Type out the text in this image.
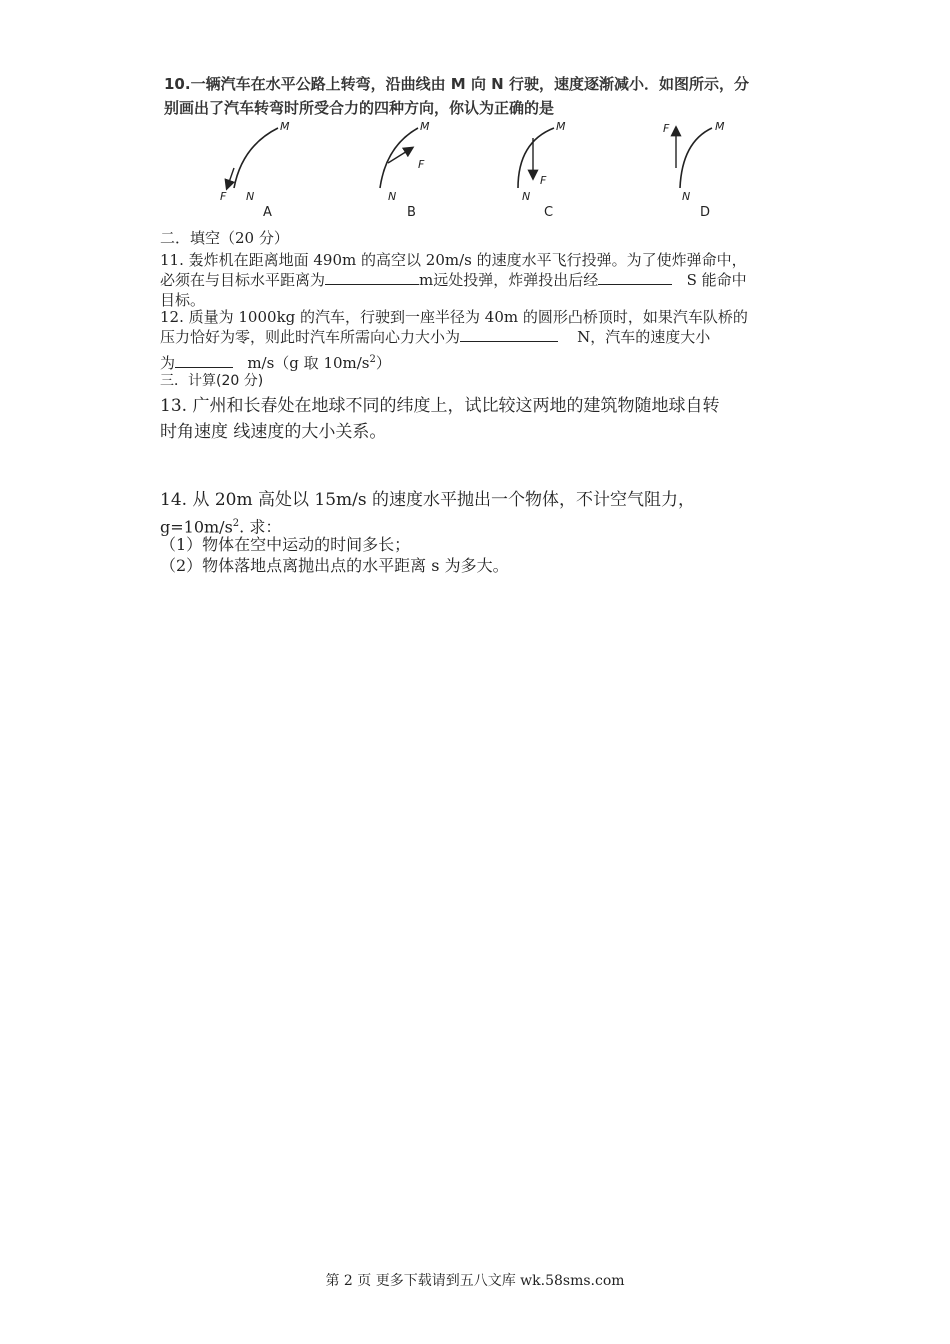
10.一辆汽车在水平公路上转弯，沿曲线由 M 向 N 行驶，速度逐渐减小．如图所示，分
别画出了汽车转弯时所受合力的四种方向，你认为正确的是
M
N
F
A
M
N
F
B
M
N
F
C
M
N
F
D
二．填空（20 分）
11. 轰炸机在距离地面 490m 的高空以 20m/s 的速度水平飞行投弹。为了使炸弹命中，
必须在与目标水平距离为	m远处投弹，炸弹投出后经	S 能命中
目标。
12. 质量为 1000kg 的汽车，行驶到一座半径为 40m 的圆形凸桥顶时，如果汽车队桥的
压力恰好为零，则此时汽车所需向心力大小为	N，汽车的速度大小
为	m/s（g 取 $10m/s^2$）
三．计算(20 分)
13. 广州和长春处在地球不同的纬度上，试比较这两地的建筑物随地球自转
时角速度 线速度的大小关系。
14. 从 20m 高处以 15m/s 的速度水平抛出一个物体，不计空气阻力，
$g=10m/s^2$. 求：
（1）物体在空中运动的时间多长；
（2）物体落地点离抛出点的水平距离 s 为多大。
第 2 页 更多下载请到五八文库 wk.58sms.com
